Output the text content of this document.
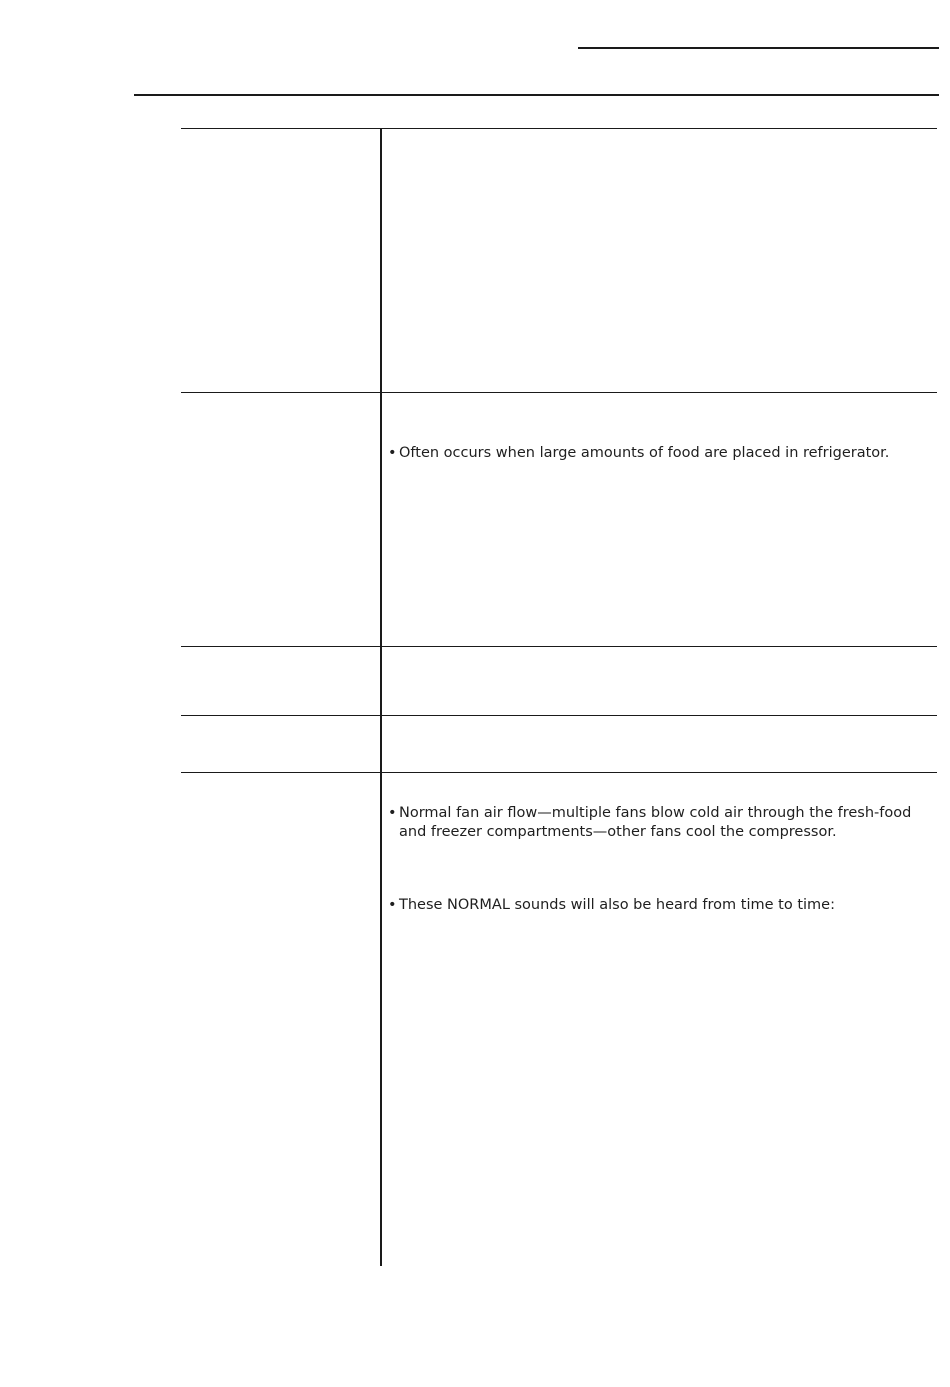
• Often occurs when large amounts of food are placed in refrigerator.
• Normal fan air flow—multiple fans blow cold air through the fresh-food and freezer compartments—other fans cool the compressor.
• These NORMAL sounds will also be heard from time to time:
